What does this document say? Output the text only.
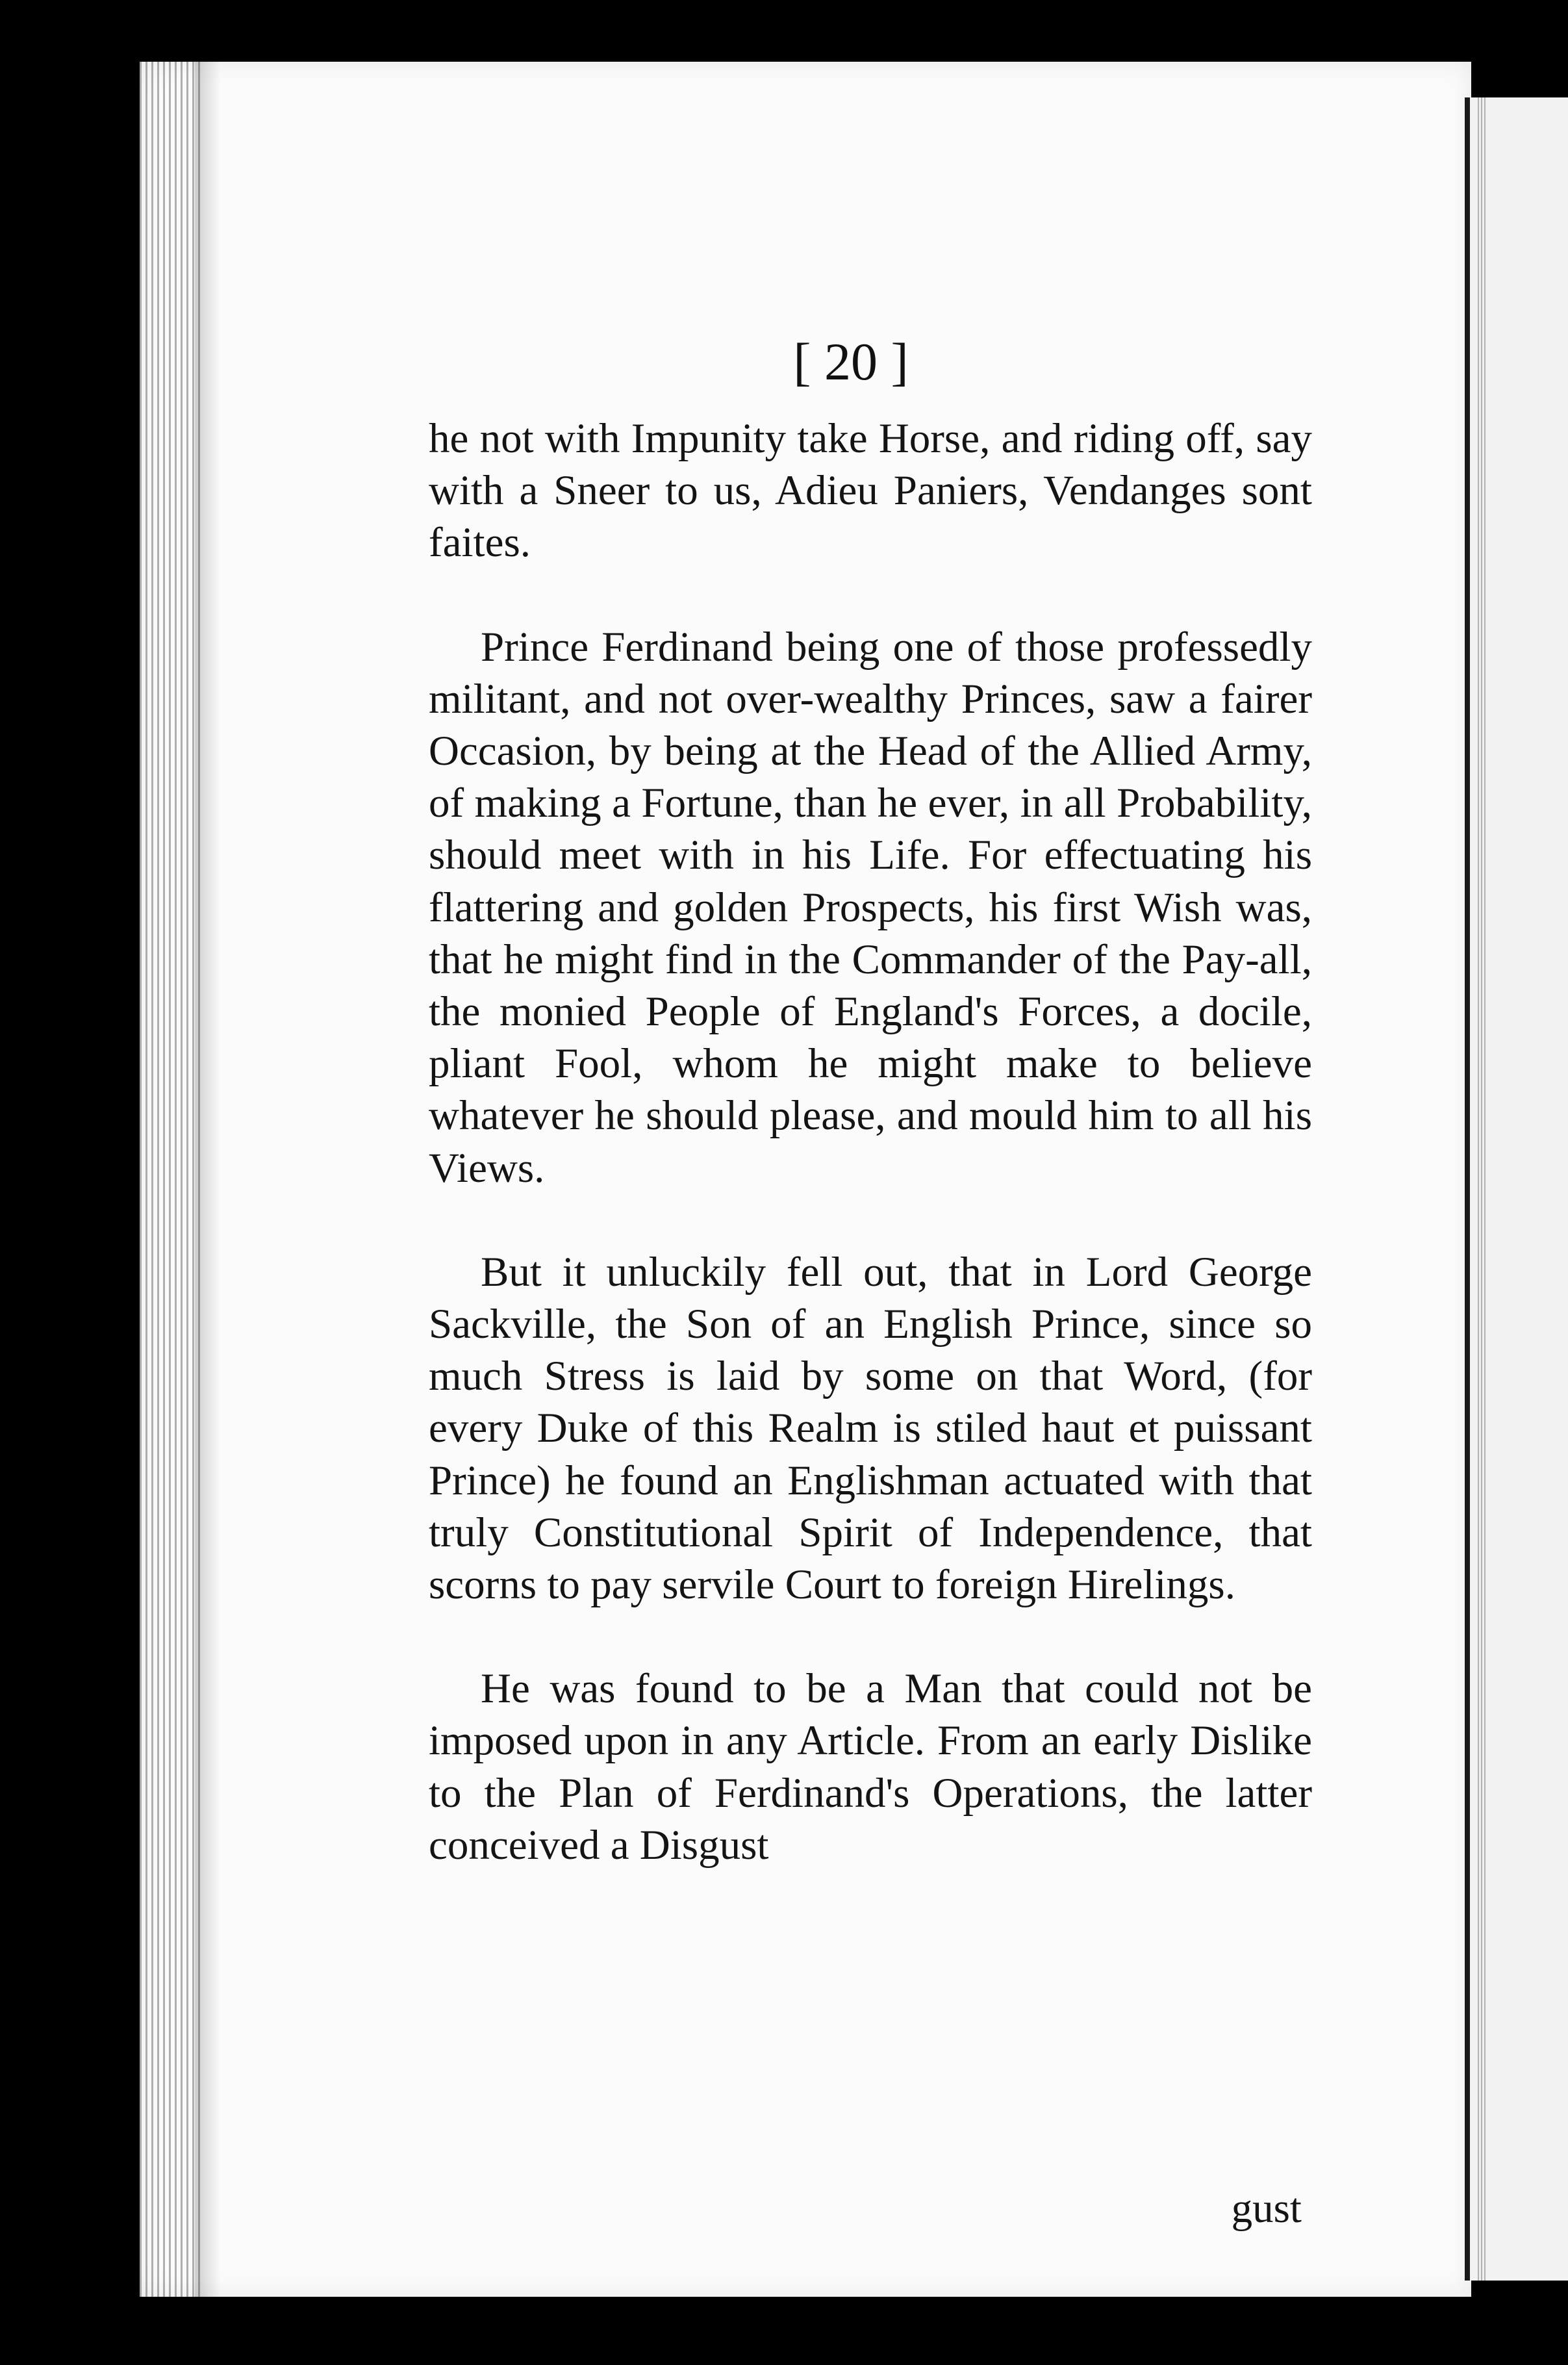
[ 20 ]

he not with Impunity take Horse, and riding off, say with a Sneer to us, Adieu Paniers, Vendanges sont faites.

Prince Ferdinand being one of those professedly militant, and not over-wealthy Princes, saw a fairer Occasion, by being at the Head of the Allied Army, of making a Fortune, than he ever, in all Probability, should meet with in his Life. For effectuating his flattering and golden Prospects, his first Wish was, that he might find in the Commander of the Pay-all, the monied People of England's Forces, a docile, pliant Fool, whom he might make to believe whatever he should please, and mould him to all his Views.

But it unluckily fell out, that in Lord George Sackville, the Son of an English Prince, since so much Stress is laid by some on that Word, (for every Duke of this Realm is stiled haut et puissant Prince) he found an Englishman actuated with that truly Constitutional Spirit of Independence, that scorns to pay servile Court to foreign Hirelings.

He was found to be a Man that could not be imposed upon in any Article. From an early Dislike to the Plan of Ferdinand's Operations, the latter conceived a Disgust

gust
